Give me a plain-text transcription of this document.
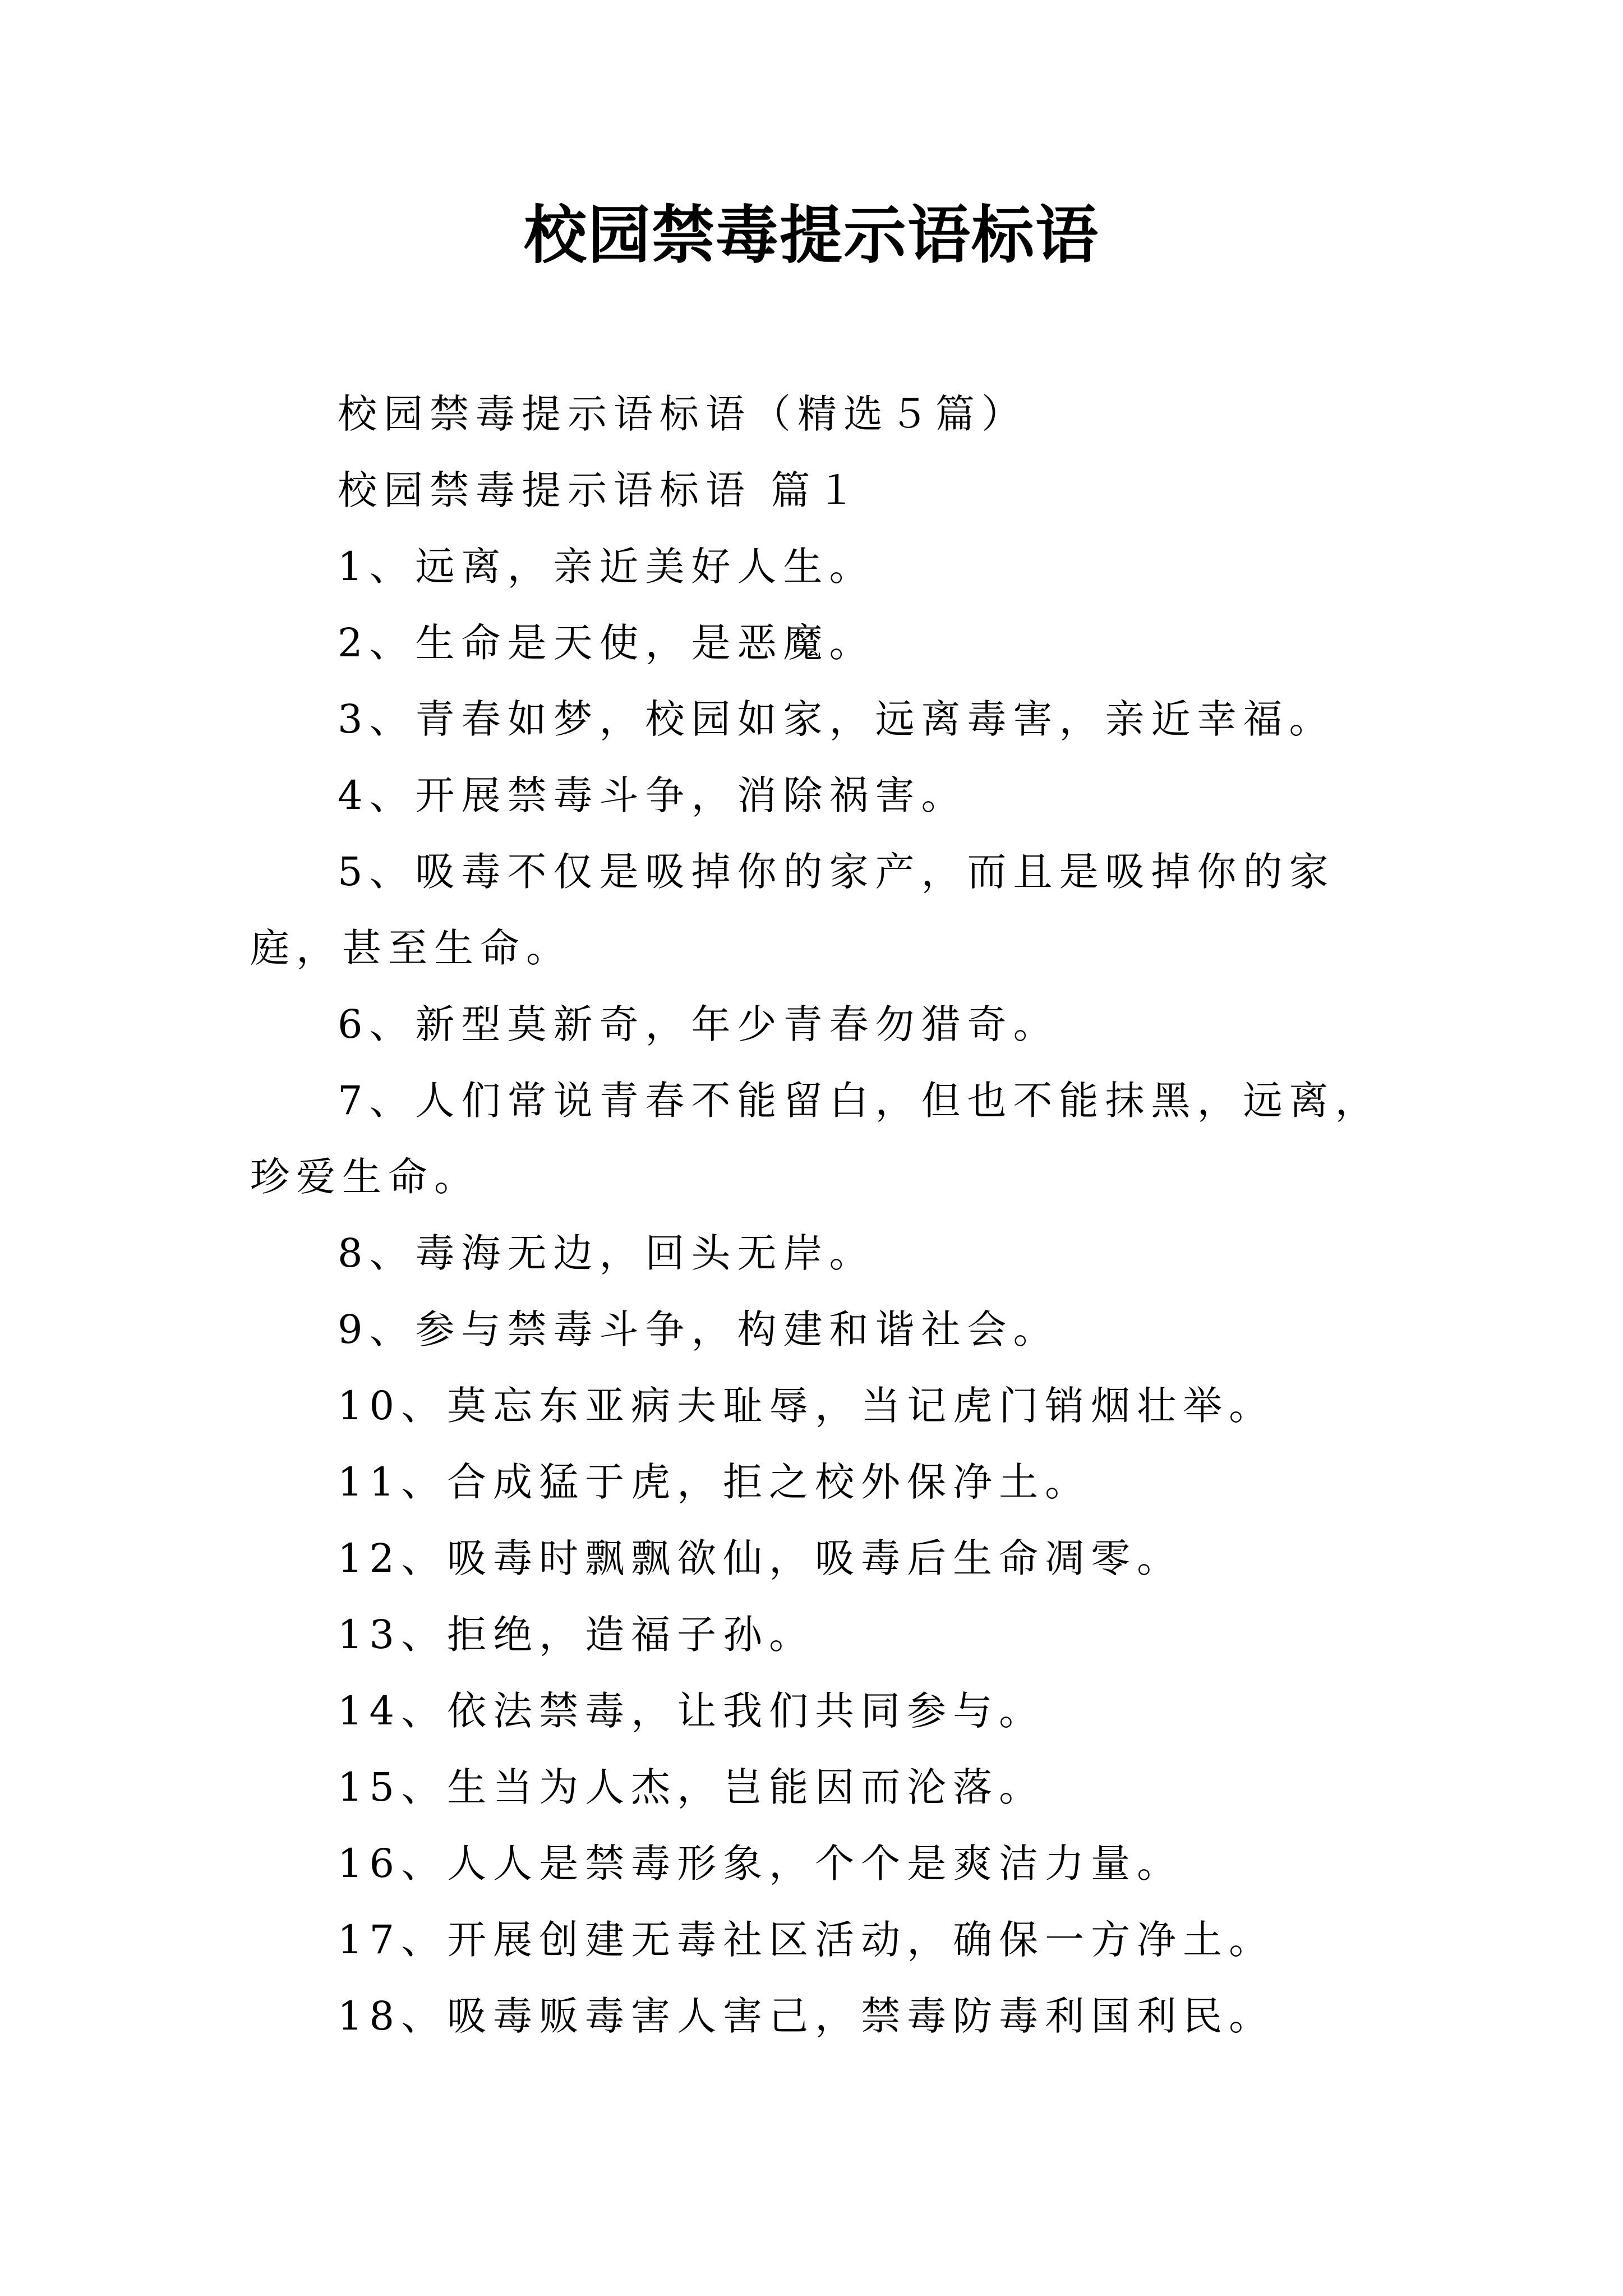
校园禁毒提示语标语

校园禁毒提示语标语（精选５篇）

校园禁毒提示语标语 篇１

1、远离，亲近美好人生。

2、生命是天使，是恶魔。

3、青春如梦，校园如家，远离毒害，亲近幸福。

4、开展禁毒斗争，消除祸害。

5、吸毒不仅是吸掉你的家产，而且是吸掉你的家庭，甚至生命。

6、新型莫新奇，年少青春勿猎奇。

7、人们常说青春不能留白，但也不能抹黑，远离，珍爱生命。

8、毒海无边，回头无岸。

9、参与禁毒斗争，构建和谐社会。

10、莫忘东亚病夫耻辱，当记虎门销烟壮举。

11、合成猛于虎，拒之校外保净土。

12、吸毒时飘飘欲仙，吸毒后生命凋零。

13、拒绝，造福子孙。

14、依法禁毒，让我们共同参与。

15、生当为人杰，岂能因而沦落。

16、人人是禁毒形象，个个是爽洁力量。

17、开展创建无毒社区活动，确保一方净土。

18、吸毒贩毒害人害己，禁毒防毒利国利民。
